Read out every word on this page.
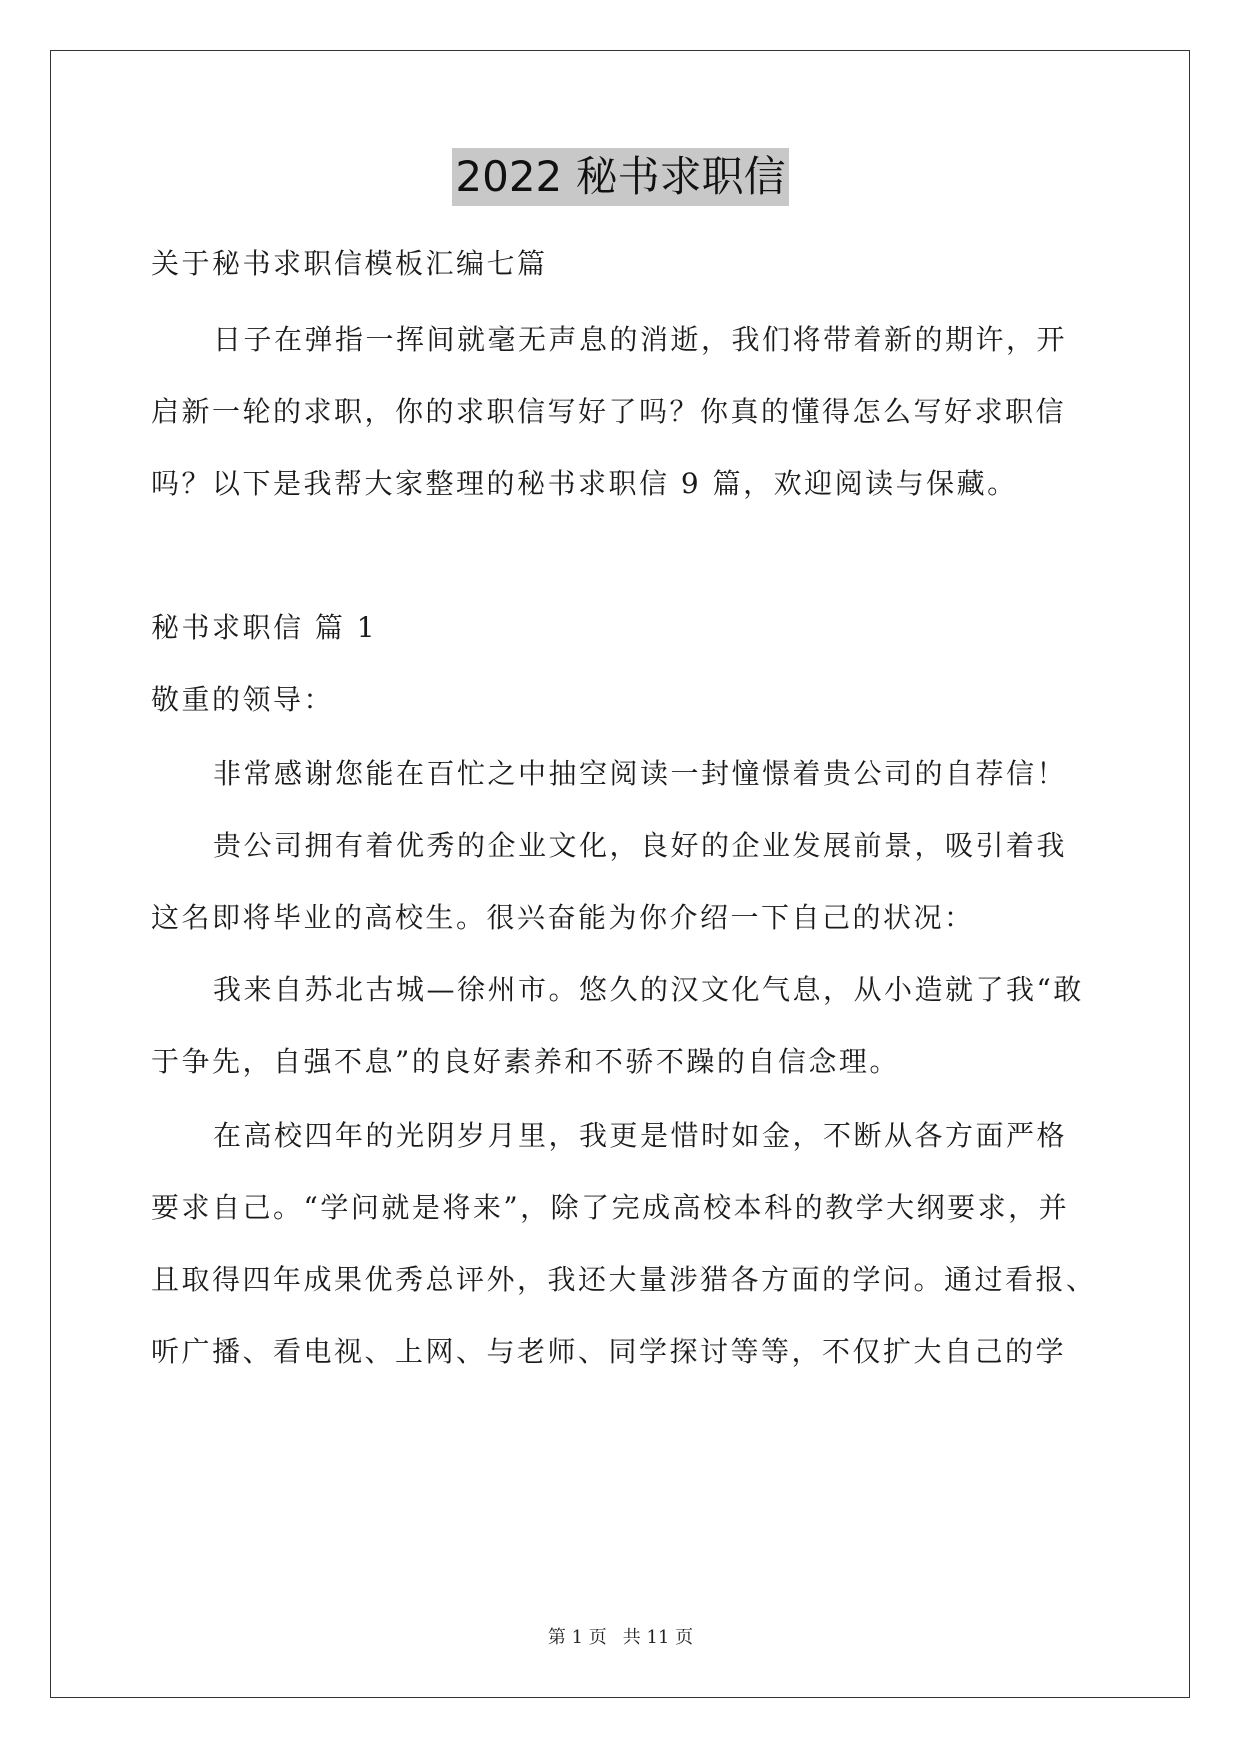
2022 秘书求职信
关于秘书求职信模板汇编七篇
日子在弹指一挥间就毫无声息的消逝，我们将带着新的期许，开
启新一轮的求职，你的求职信写好了吗？你真的懂得怎么写好求职信
吗？以下是我帮大家整理的秘书求职信 9 篇，欢迎阅读与保藏。
秘书求职信 篇 1
敬重的领导：
非常感谢您能在百忙之中抽空阅读一封憧憬着贵公司的自荐信！
贵公司拥有着优秀的企业文化，良好的企业发展前景，吸引着我
这名即将毕业的高校生。很兴奋能为你介绍一下自己的状况：
我来自苏北古城—徐州市。悠久的汉文化气息，从小造就了我“敢
于争先，自强不息”的良好素养和不骄不躁的自信念理。
在高校四年的光阴岁月里，我更是惜时如金，不断从各方面严格
要求自己。“学问就是将来”，除了完成高校本科的教学大纲要求，并
且取得四年成果优秀总评外，我还大量涉猎各方面的学问。通过看报、
听广播、看电视、上网、与老师、同学探讨等等，不仅扩大自己的学
第 1 页 共 11 页
